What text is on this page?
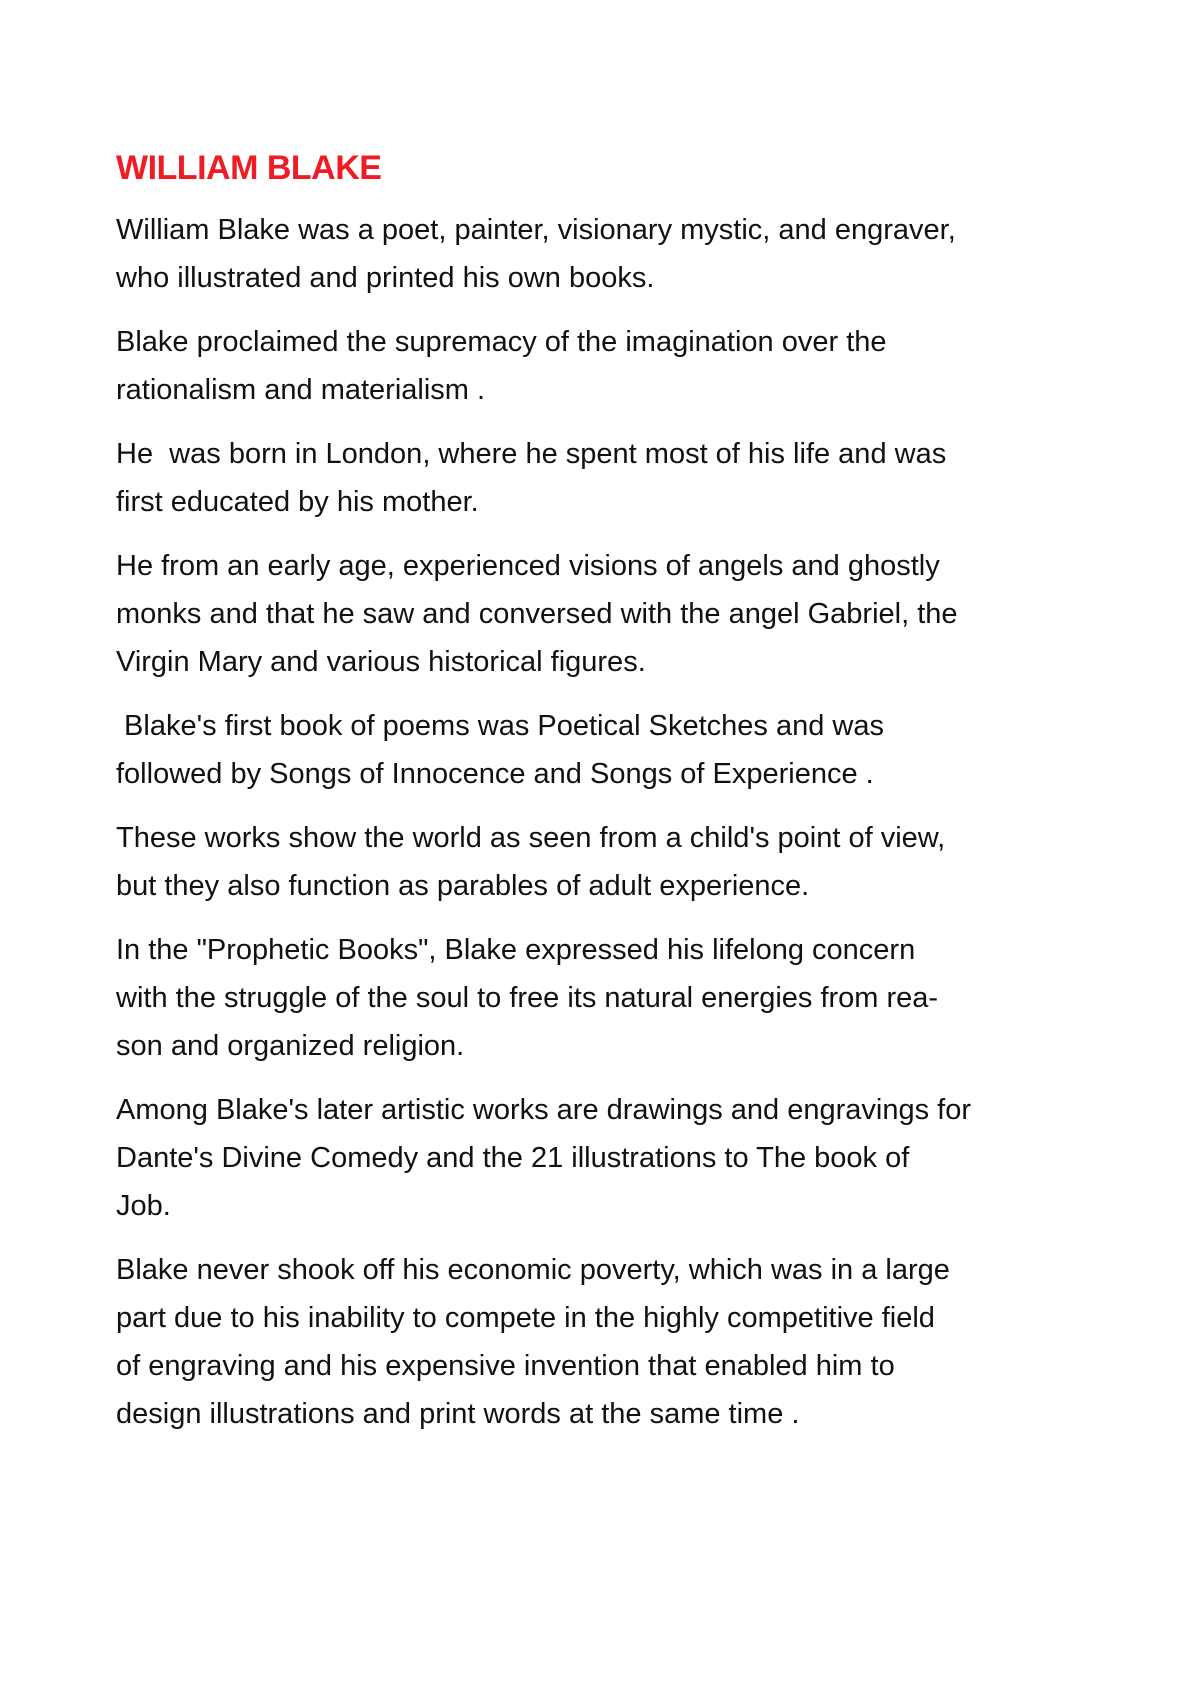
WILLIAM BLAKE
William Blake was a poet, painter, visionary mystic, and engraver,
who illustrated and printed his own books.
Blake proclaimed the supremacy of the imagination over the
rationalism and materialism .
He  was born in London, where he spent most of his life and was
first educated by his mother.
He from an early age, experienced visions of angels and ghostly
monks and that he saw and conversed with the angel Gabriel, the
Virgin Mary and various historical figures.
Blake's first book of poems was Poetical Sketches and was
followed by Songs of Innocence and Songs of Experience .
These works show the world as seen from a child's point of view,
but they also function as parables of adult experience.
In the "Prophetic Books", Blake expressed his lifelong concern
with the struggle of the soul to free its natural energies from rea-
son and organized religion.
Among Blake's later artistic works are drawings and engravings for
Dante's Divine Comedy and the 21 illustrations to The book of
Job.
Blake never shook off his economic poverty, which was in a large
part due to his inability to compete in the highly competitive field
of engraving and his expensive invention that enabled him to
design illustrations and print words at the same time .
